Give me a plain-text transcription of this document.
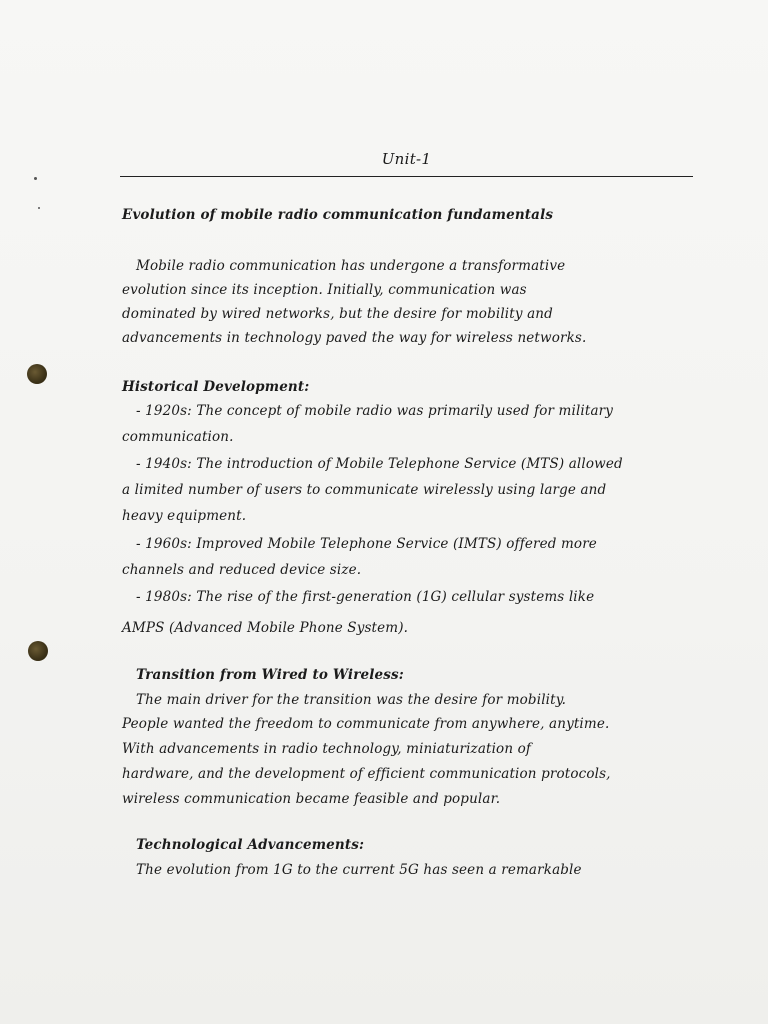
Unit-1
Evolution of mobile radio communication fundamentals
Mobile radio communication has undergone a transformative
evolution since its inception. Initially, communication was
dominated by wired networks, but the desire for mobility and
advancements in technology paved the way for wireless networks.
Historical Development:
- 1920s: The concept of mobile radio was primarily used for military
communication.
- 1940s: The introduction of Mobile Telephone Service (MTS) allowed
a limited number of users to communicate wirelessly using large and
heavy equipment.
- 1960s: Improved Mobile Telephone Service (IMTS) offered more
channels and reduced device size.
- 1980s: The rise of the first-generation (1G) cellular systems like
AMPS (Advanced Mobile Phone System).
Transition from Wired to Wireless:
The main driver for the transition was the desire for mobility.
People wanted the freedom to communicate from anywhere, anytime.
With advancements in radio technology, miniaturization of
hardware, and the development of efficient communication protocols,
wireless communication became feasible and popular.
Technological Advancements:
The evolution from 1G to the current 5G has seen a remarkable
